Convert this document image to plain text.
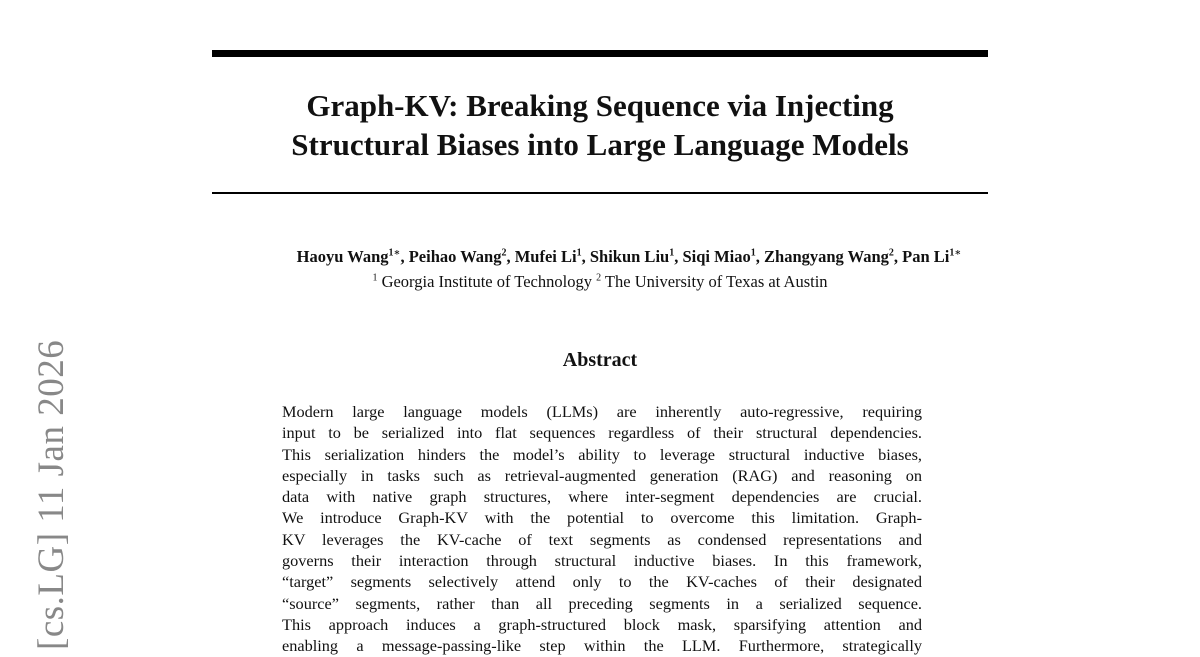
[cs.LG] 11 Jan 2026
Graph-KV: Breaking Sequence via Injecting
Structural Biases into Large Language Models
Haoyu Wang$^{1∗}$, Peihao Wang$^2$, Mufei Li$^1$, Shikun Liu$^1$, Siqi Miao$^1$, Zhangyang Wang$^2$, Pan $Li^{1∗}$
$^1$ Georgia Institute of Technology $^2$ The University of Texas at Austin
Abstract
Modern large language models (LLMs) are inherently auto-regressive, requiring
input to be serialized into flat sequences regardless of their structural dependencies.
This serialization hinders the model’s ability to leverage structural inductive biases,
especially in tasks such as retrieval-augmented generation (RAG) and reasoning on
data with native graph structures, where inter-segment dependencies are crucial.
We introduce Graph-KV with the potential to overcome this limitation. Graph-
KV leverages the KV-cache of text segments as condensed representations and
governs their interaction through structural inductive biases. In this framework,
“target” segments selectively attend only to the KV-caches of their designated
“source” segments, rather than all preceding segments in a serialized sequence.
This approach induces a graph-structured block mask, sparsifying attention and
enabling a message-passing-like step within the LLM. Furthermore, strategically
